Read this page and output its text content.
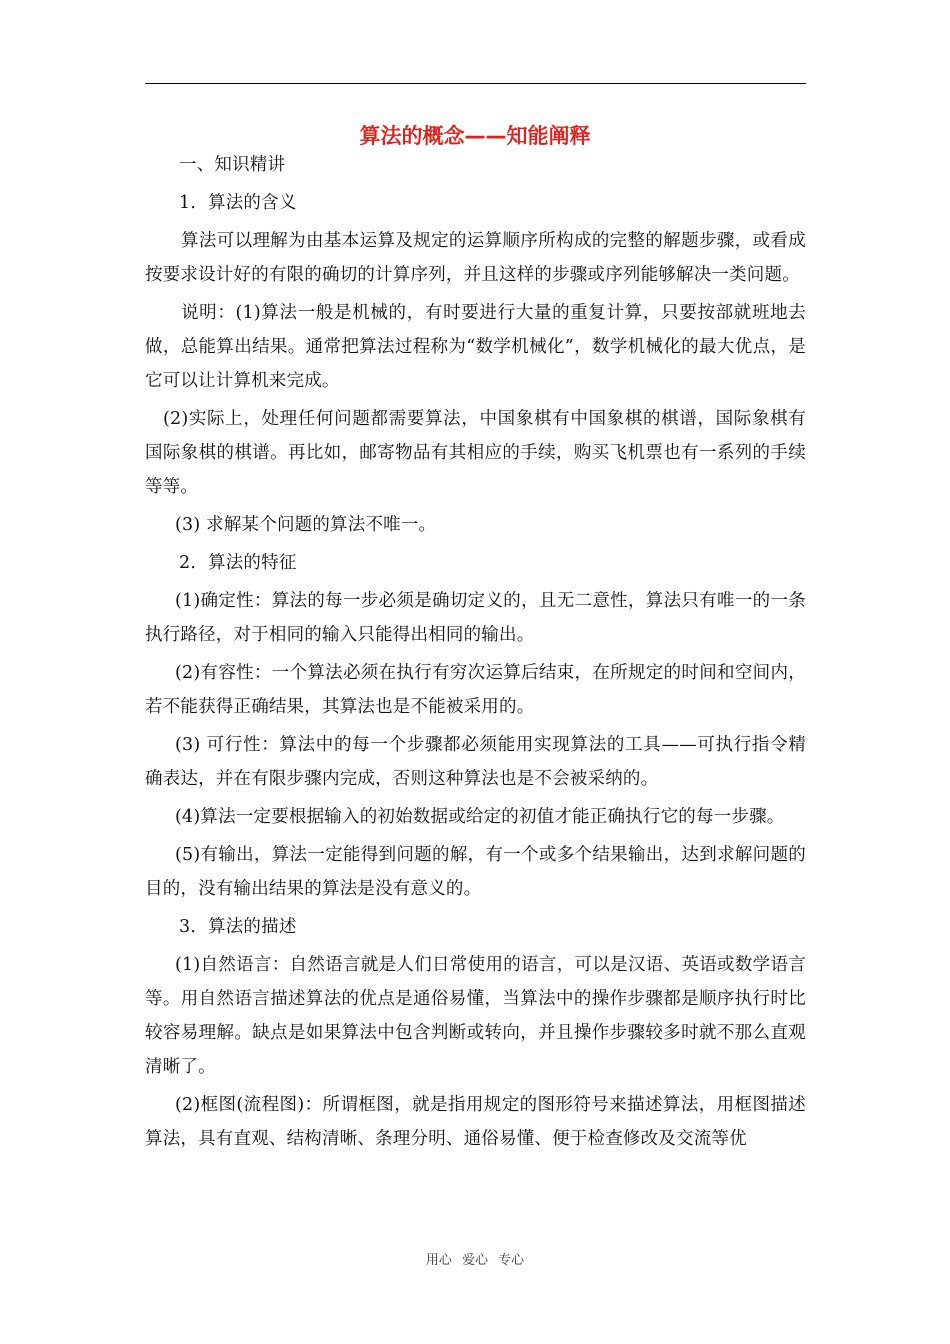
算法的概念——知能阐释

一、知识精讲

1．算法的含义

算法可以理解为由基本运算及规定的运算顺序所构成的完整的解题步骤，或看成按要求设计好的有限的确切的计算序列，并且这样的步骤或序列能够解决一类问题。

说明：(1)算法一般是机械的，有时要进行大量的重复计算，只要按部就班地去做，总能算出结果。通常把算法过程称为“数学机械化”，数学机械化的最大优点，是它可以让计算机来完成。

(2)实际上，处理任何问题都需要算法，中国象棋有中国象棋的棋谱，国际象棋有国际象棋的棋谱。再比如，邮寄物品有其相应的手续，购买飞机票也有一系列的手续等等。

(3) 求解某个问题的算法不唯一。

2．算法的特征

(1)确定性：算法的每一步必须是确切定义的，且无二意性，算法只有唯一的一条执行路径，对于相同的输入只能得出相同的输出。

(2)有容性：一个算法必须在执行有穷次运算后结束，在所规定的时间和空间内，若不能获得正确结果，其算法也是不能被采用的。

(3) 可行性：算法中的每一个步骤都必须能用实现算法的工具——可执行指令精确表达，并在有限步骤内完成，否则这种算法也是不会被采纳的。

(4)算法一定要根据输入的初始数据或给定的初值才能正确执行它的每一步骤。

(5)有输出，算法一定能得到问题的解，有一个或多个结果输出，达到求解问题的目的，没有输出结果的算法是没有意义的。

3．算法的描述

(1)自然语言：自然语言就是人们日常使用的语言，可以是汉语、英语或数学语言等。用自然语言描述算法的优点是通俗易懂，当算法中的操作步骤都是顺序执行时比较容易理解。缺点是如果算法中包含判断或转向，并且操作步骤较多时就不那么直观清晰了。

(2)框图(流程图)：所谓框图，就是指用规定的图形符号来描述算法，用框图描述算法，具有直观、结构清晰、条理分明、通俗易懂、便于检查修改及交流等优

用心 爱心 专心
